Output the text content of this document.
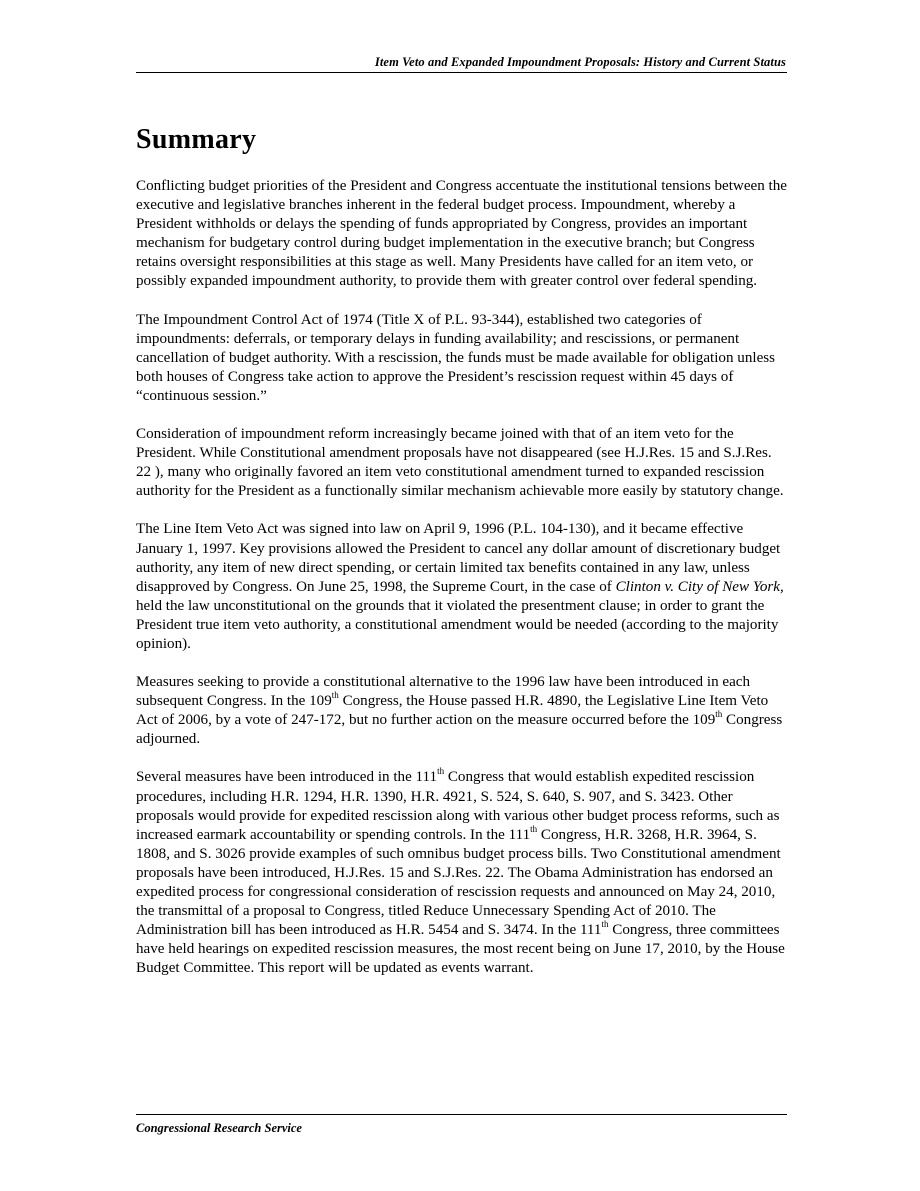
Item Veto and Expanded Impoundment Proposals: History and Current Status
Summary

Conflicting budget priorities of the President and Congress accentuate the institutional tensions between the executive and legislative branches inherent in the federal budget process. Impoundment, whereby a President withholds or delays the spending of funds appropriated by Congress, provides an important mechanism for budgetary control during budget implementation in the executive branch; but Congress retains oversight responsibilities at this stage as well. Many Presidents have called for an item veto, or possibly expanded impoundment authority, to provide them with greater control over federal spending.

The Impoundment Control Act of 1974 (Title X of P.L. 93-344), established two categories of impoundments: deferrals, or temporary delays in funding availability; and rescissions, or permanent cancellation of budget authority. With a rescission, the funds must be made available for obligation unless both houses of Congress take action to approve the President’s rescission request within 45 days of “continuous session.”

Consideration of impoundment reform increasingly became joined with that of an item veto for the President. While Constitutional amendment proposals have not disappeared (see H.J.Res. 15 and S.J.Res. 22 ), many who originally favored an item veto constitutional amendment turned to expanded rescission authority for the President as a functionally similar mechanism achievable more easily by statutory change.

The Line Item Veto Act was signed into law on April 9, 1996 (P.L. 104-130), and it became effective January 1, 1997. Key provisions allowed the President to cancel any dollar amount of discretionary budget authority, any item of new direct spending, or certain limited tax benefits contained in any law, unless disapproved by Congress. On June 25, 1998, the Supreme Court, in the case of Clinton v. City of New York, held the law unconstitutional on the grounds that it violated the presentment clause; in order to grant the President true item veto authority, a constitutional amendment would be needed (according to the majority opinion).

Measures seeking to provide a constitutional alternative to the 1996 law have been introduced in each subsequent Congress. In the 109th Congress, the House passed H.R. 4890, the Legislative Line Item Veto Act of 2006, by a vote of 247-172, but no further action on the measure occurred before the 109th Congress adjourned.

Several measures have been introduced in the 111th Congress that would establish expedited rescission procedures, including H.R. 1294, H.R. 1390, H.R. 4921, S. 524, S. 640, S. 907, and S. 3423. Other proposals would provide for expedited rescission along with various other budget process reforms, such as increased earmark accountability or spending controls. In the 111th Congress, H.R. 3268, H.R. 3964, S. 1808, and S. 3026 provide examples of such omnibus budget process bills. Two Constitutional amendment proposals have been introduced, H.J.Res. 15 and S.J.Res. 22. The Obama Administration has endorsed an expedited process for congressional consideration of rescission requests and announced on May 24, 2010, the transmittal of a proposal to Congress, titled Reduce Unnecessary Spending Act of 2010. The Administration bill has been introduced as H.R. 5454 and S. 3474. In the 111th Congress, three committees have held hearings on expedited rescission measures, the most recent being on June 17, 2010, by the House Budget Committee. This report will be updated as events warrant.

Congressional Research Service
